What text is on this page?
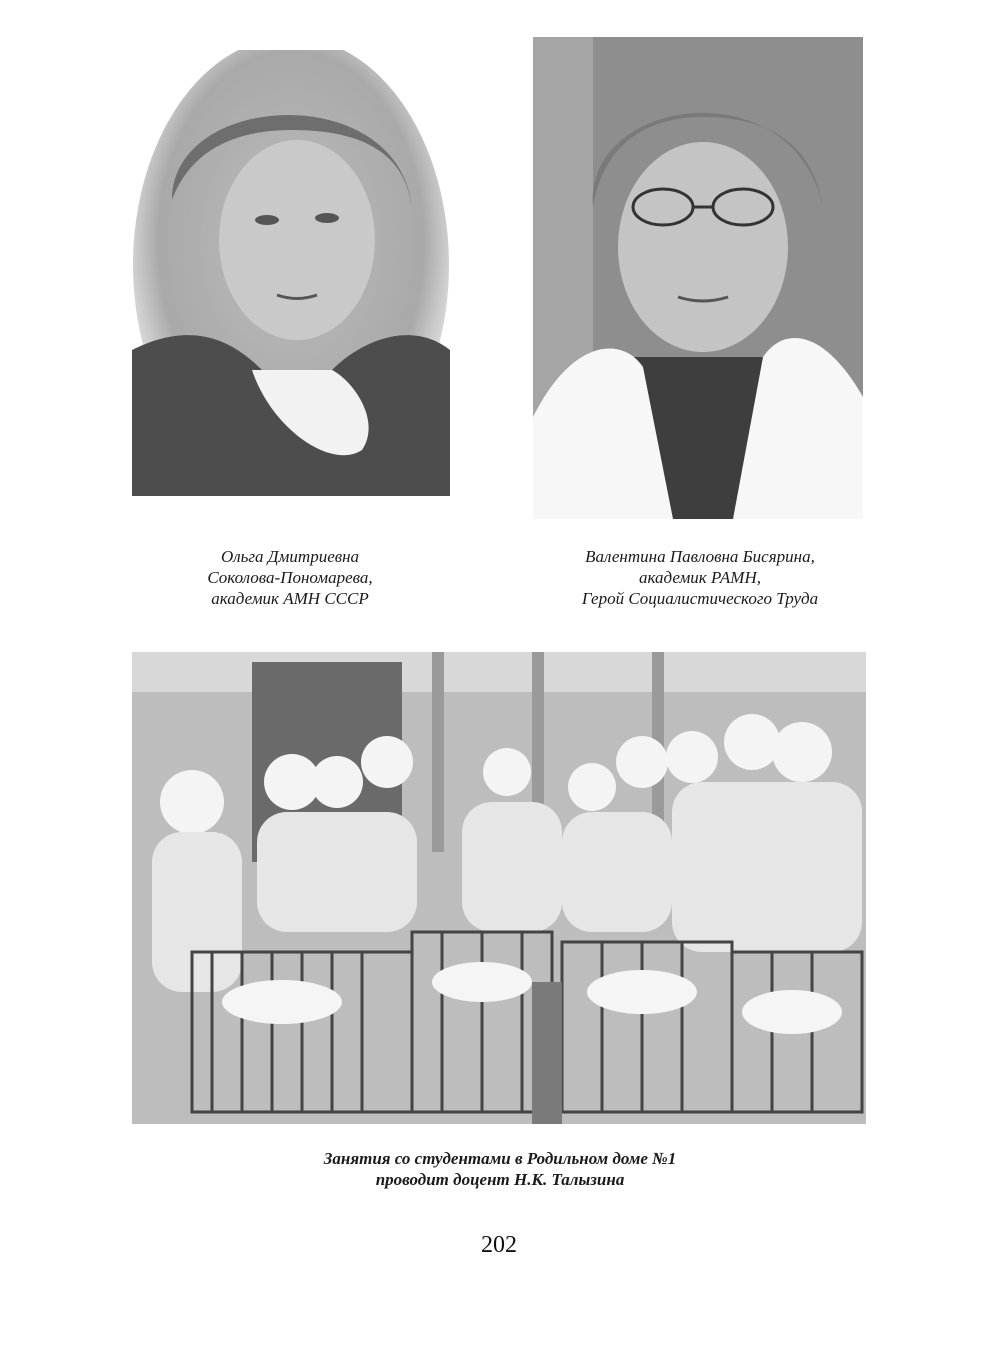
Ольга Дмитриевна
Соколова-Пономарева,
академик АМН СССР
Валентина Павловна Бисярина,
академик РАМН,
Герой Социалистического Труда
Занятия со студентами в Родильном доме №1
проводит доцент Н.К. Талызина
202
